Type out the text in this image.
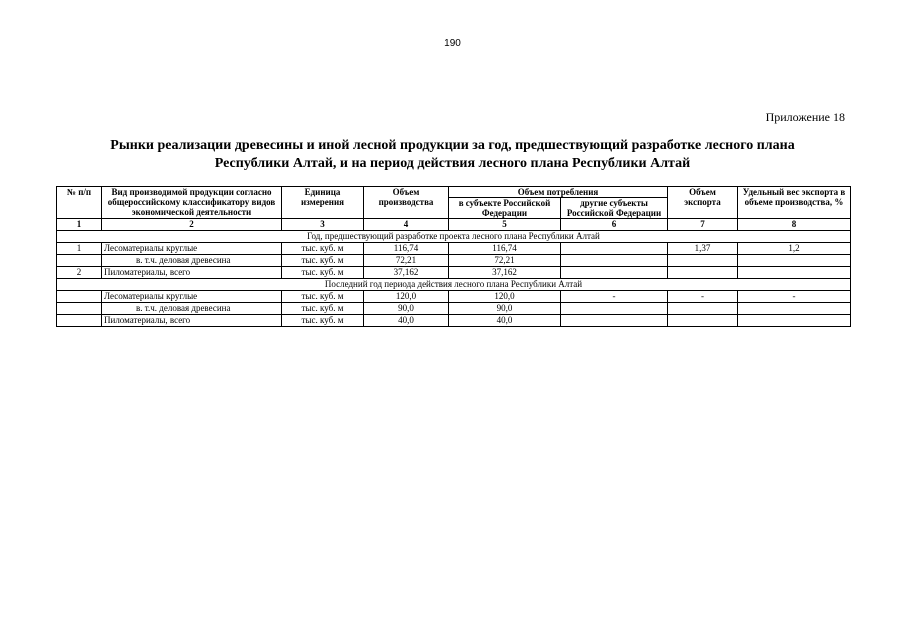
190
Приложение 18
Рынки реализации древесины и иной лесной продукции за год, предшествующий разработке лесного плана
Республики Алтай, и на период действия лесного плана Республики Алтай
№ п/п	Вид производимой продукции согласно общероссийскому классификатору видов экономической деятельности	Единица измерения	Объем производства	Объем потребления		Объем экспорта	Удельный вес экспорта в объеме производства, %
				в субъекте Российской Федерации	другие субъекты Российской Федерации		
1	2	3	4	5	6	7	8
Год, предшествующий разработке проекта лесного плана Республики Алтай							
1	Лесоматериалы круглые	тыс. куб. м	116,74	116,74		1,37	1,2
	в. т.ч. деловая древесина	тыс. куб. м	72,21	72,21			
2	Пиломатериалы, всего	тыс. куб. м	37,162	37,162			
Последний год периода действия лесного плана Республики Алтай							
	Лесоматериалы круглые	тыс. куб. м	120,0	120,0	-	-	-
	в. т.ч. деловая древесина	тыс. куб. м	90,0	90,0			
	Пиломатериалы, всего	тыс. куб. м	40,0	40,0			
